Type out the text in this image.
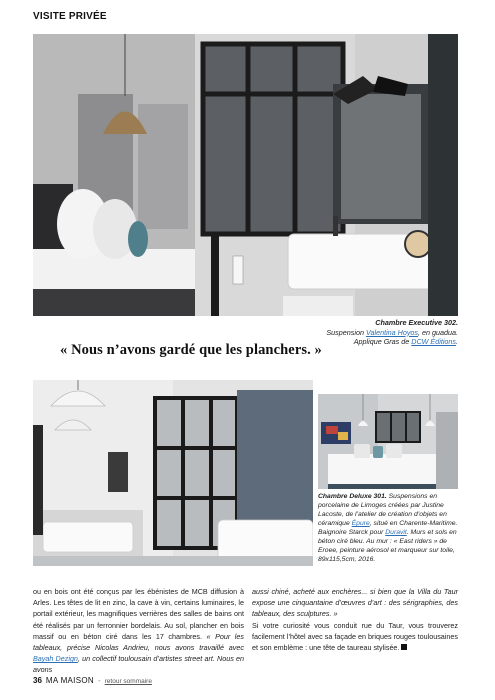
VISITE PRIVÉE
Chambre Executive 302.
Suspension Valentina Hoyos, en guadua.
Applique Gras de DCW Éditions.
« Nous n’avons gardé que les planchers. »
Chambre Deluxe 301. Suspensions en porcelaine de Limoges créées par Justine Lacoste, de l’atelier de création d’objets en céramique Épure, situé en Charente-Maritime. Baignoire Starck pour Duravit. Murs et sols en béton ciré bleu. Au mur : « East riders » de Eroee, peinture aérosol et marqueur sur toile, 89x115,5cm, 2016.
ou en bois ont été conçus par les ébénistes de MCB diffusion à Arles. Les têtes de lit en zinc, la cave à vin, certains luminaires, le portail extérieur, les magnifiques verrières des salles de bains ont été réalisés par un ferronnier bordelais. Au sol, plancher en bois massif ou en béton ciré dans les 17 chambres. « Pour les tableaux, précise Nicolas Andrieu, nous avons travaillé avec Bayah Dezign, un collectif toulousain d’artistes street art. Nous en avons
aussi chiné, acheté aux enchères... si bien que la Villa du Taur expose une cinquantaine d’œuvres d’art : des sérigraphies, des tableaux, des sculptures. »
Si votre curiosité vous conduit rue du Taur, vous trouverez facilement l’hôtel avec sa façade en briques rouges toulousaines et son emblème : une tête de taureau stylisée.
36 MA MAISON - retour sommaire
